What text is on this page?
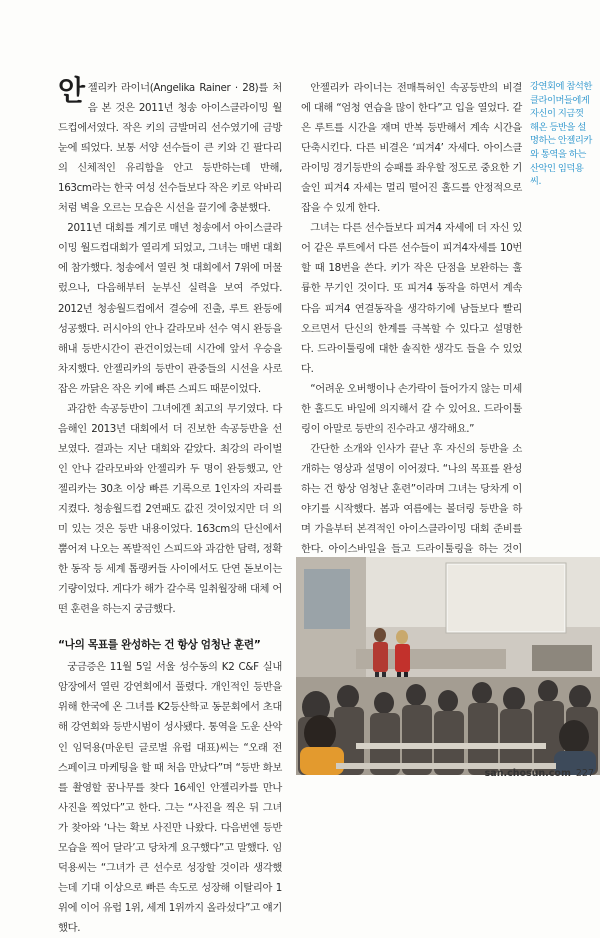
안젤리카 라이너(Angelika Rainer · 28)를 처음 본 것은 2011년 청송 아이스클라이밍 월드컵에서였다. 작은 키의 금발머리 선수였기에 금방 눈에 띄었다. 보통 서양 선수들이 큰 키와 긴 팔다리의 신체적인 유리함을 안고 등반하는데 반해, 163cm라는 한국 여성 선수들보다 작은 키로 악바리처럼 벽을 오르는 모습은 시선을 끌기에 충분했다.

2011년 대회를 계기로 매년 청송에서 아이스클라이밍 월드컵대회가 열리게 되었고, 그녀는 매번 대회에 참가했다. 청송에서 열린 첫 대회에서 7위에 머물렀으나, 다음해부터 눈부신 실력을 보여 주었다. 2012년 청송월드컵에서 결승에 진출, 루트 완등에 성공했다. 러시아의 안나 갈라모바 선수 역시 완등을 해내 등반시간이 관건이었는데 시간에 앞서 우승을 차지했다. 안젤리카의 등반이 관중들의 시선을 사로잡은 까닭은 작은 키에 빠른 스피드 때문이었다.

과감한 속공등반이 그녀에겐 최고의 무기였다. 다음해인 2013년 대회에서 더 진보한 속공등반을 선보였다. 결과는 지난 대회와 같았다. 최강의 라이벌인 안나 갈라모바와 안젤리카 두 명이 완등했고, 안젤리카는 30초 이상 빠른 기록으로 1인자의 자리를 지켰다. 청송월드컵 2연패도 값진 것이었지만 더 의미 있는 것은 등반 내용이었다. 163cm의 단신에서 뿜어져 나오는 폭발적인 스피드와 과감한 담력, 정확한 동작 등 세계 톱랭커들 사이에서도 단연 돋보이는 기량이었다. 게다가 해가 갈수록 일취월장해 대체 어떤 훈련을 하는지 궁금했다.

“나의 목표를 완성하는 건 항상 엄청난 훈련”

궁금증은 11월 5일 서울 성수동의 K2 C&F 실내암장에서 열린 강연회에서 풀렸다. 개인적인 등반을 위해 한국에 온 그녀를 K2등산학교 동문회에서 초대해 강연회와 등반시범이 성사됐다. 통역을 도운 산악인 임덕용(마운틴 글로벌 유럽 대표)씨는 “오래 전 스페이크 마케팅을 할 때 처음 만났다”며 “등반 화보를 촬영할 꿈나무를 찾다 16세인 안젤리카를 만나 사진을 찍었다”고 한다. 그는 “사진을 찍은 뒤 그녀가 찾아와 ‘나는 확보 사진만 나왔다. 다음번엔 등반 모습을 찍어 달라’고 당차게 요구했다”고 말했다. 임덕용씨는 “그녀가 큰 선수로 성장할 것이라 생각했는데 기대 이상으로 빠른 속도로 성장해 이탈리아 1위에 이어 유럽 1위, 세계 1위까지 올라섰다”고 얘기했다.

안젤리카 라이너는 전매특허인 속공등반의 비결에 대해 “엄청 연습을 많이 한다”고 입을 열었다. 같은 루트를 시간을 재며 반복 등반해서 계속 시간을 단축시킨다. 다른 비결은 ‘피겨4’ 자세다. 아이스클라이밍 경기등반의 승패를 좌우할 정도로 중요한 기술인 피겨4 자세는 멀리 떨어진 홀드를 안정적으로 잡을 수 있게 한다.

그녀는 다른 선수들보다 피겨4 자세에 더 자신 있어 같은 루트에서 다른 선수들이 피겨4자세를 10번 할 때 18번을 쓴다. 키가 작은 단점을 보완하는 훌륭한 무기인 것이다. 또 피겨4 동작을 하면서 계속 다음 피겨4 연결동작을 생각하기에 남들보다 빨리 오르면서 단신의 한계를 극복할 수 있다고 설명한다. 드라이툴링에 대한 솔직한 생각도 들을 수 있었다.

“어려운 오버행이나 손가락이 들어가지 않는 미세한 홀드도 바일에 의지해서 갈 수 있어요. 드라이툴링이 아말로 등반의 진수라고 생각해요.”

간단한 소개와 인사가 끝난 후 자신의 등반을 소개하는 영상과 설명이 이어졌다. “나의 목표를 완성하는 건 항상 엄청난 훈련”이라며 그녀는 당차게 이야기를 시작했다. 봄과 여름에는 볼더링 등반을 하며 가을부터 본격적인 아이스클라이밍 대회 준비를 한다. 아이스바일을 들고 드라이툴링을 하는 것이

강연회에 참석한 클라이머들에게 자신이 지금껏 해온 등반을 설명하는 안젤리카와 통역을 하는 산악인 임덕용씨.
san.chosun.com 227
